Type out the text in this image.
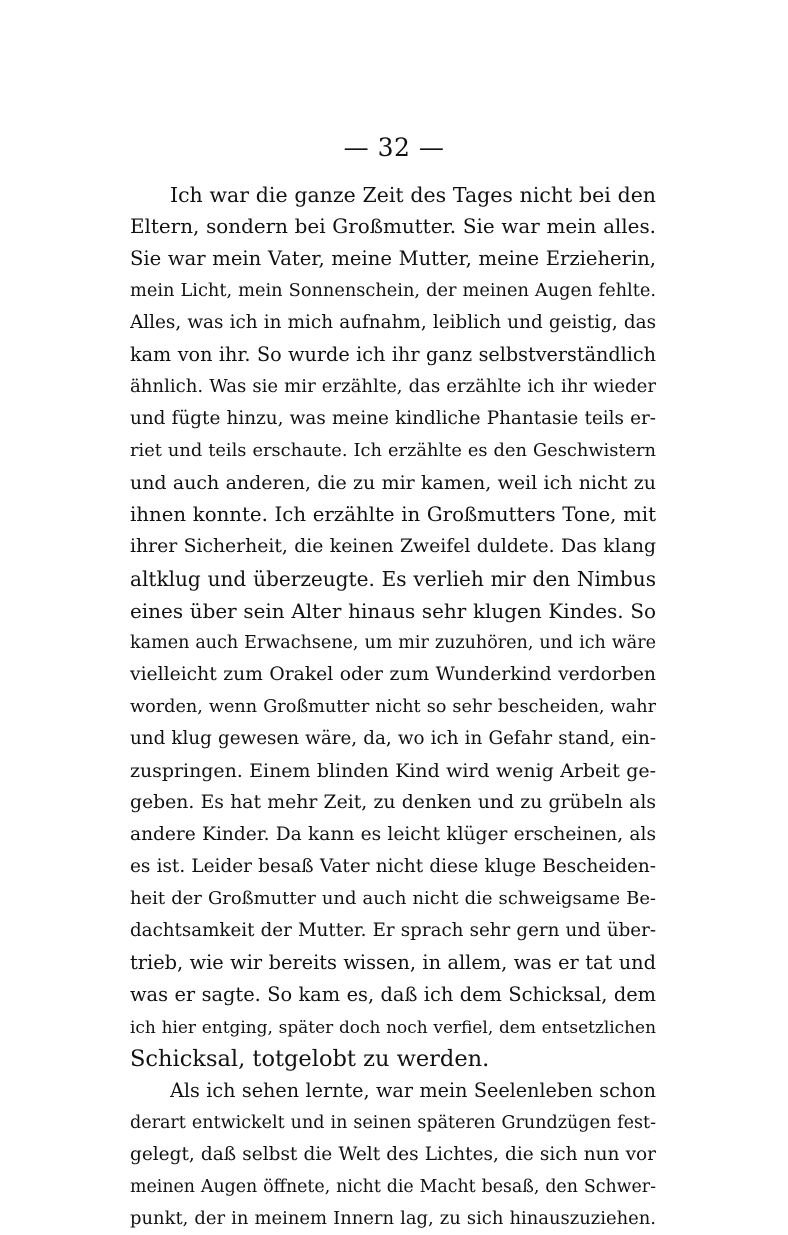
— 32 —

Ich war die ganze Zeit des Tages nicht bei den
Eltern, sondern bei Großmutter. Sie war mein alles.
Sie war mein Vater, meine Mutter, meine Erzieherin,
mein Licht, mein Sonnenschein, der meinen Augen fehlte.
Alles, was ich in mich aufnahm, leiblich und geistig, das
kam von ihr. So wurde ich ihr ganz selbstverständlich
ähnlich. Was sie mir erzählte, das erzählte ich ihr wieder
und fügte hinzu, was meine kindliche Phantasie teils er-
riet und teils erschaute. Ich erzählte es den Geschwistern
und auch anderen, die zu mir kamen, weil ich nicht zu
ihnen konnte. Ich erzählte in Großmutters Tone, mit
ihrer Sicherheit, die keinen Zweifel duldete. Das klang
altklug und überzeugte. Es verlieh mir den Nimbus
eines über sein Alter hinaus sehr klugen Kindes. So
kamen auch Erwachsene, um mir zuzuhören, und ich wäre
vielleicht zum Orakel oder zum Wunderkind verdorben
worden, wenn Großmutter nicht so sehr bescheiden, wahr
und klug gewesen wäre, da, wo ich in Gefahr stand, ein-
zuspringen. Einem blinden Kind wird wenig Arbeit ge-
geben. Es hat mehr Zeit, zu denken und zu grübeln als
andere Kinder. Da kann es leicht klüger erscheinen, als
es ist. Leider besaß Vater nicht diese kluge Bescheiden-
heit der Großmutter und auch nicht die schweigsame Be-
dachtsamkeit der Mutter. Er sprach sehr gern und über-
trieb, wie wir bereits wissen, in allem, was er tat und
was er sagte. So kam es, daß ich dem Schicksal, dem
ich hier entging, später doch noch verfiel, dem entsetzlichen
Schicksal, totgelobt zu werden.

Als ich sehen lernte, war mein Seelenleben schon
derart entwickelt und in seinen späteren Grundzügen fest-
gelegt, daß selbst die Welt des Lichtes, die sich nun vor
meinen Augen öffnete, nicht die Macht besaß, den Schwer-
punkt, der in meinem Innern lag, zu sich hinauszuziehen.
